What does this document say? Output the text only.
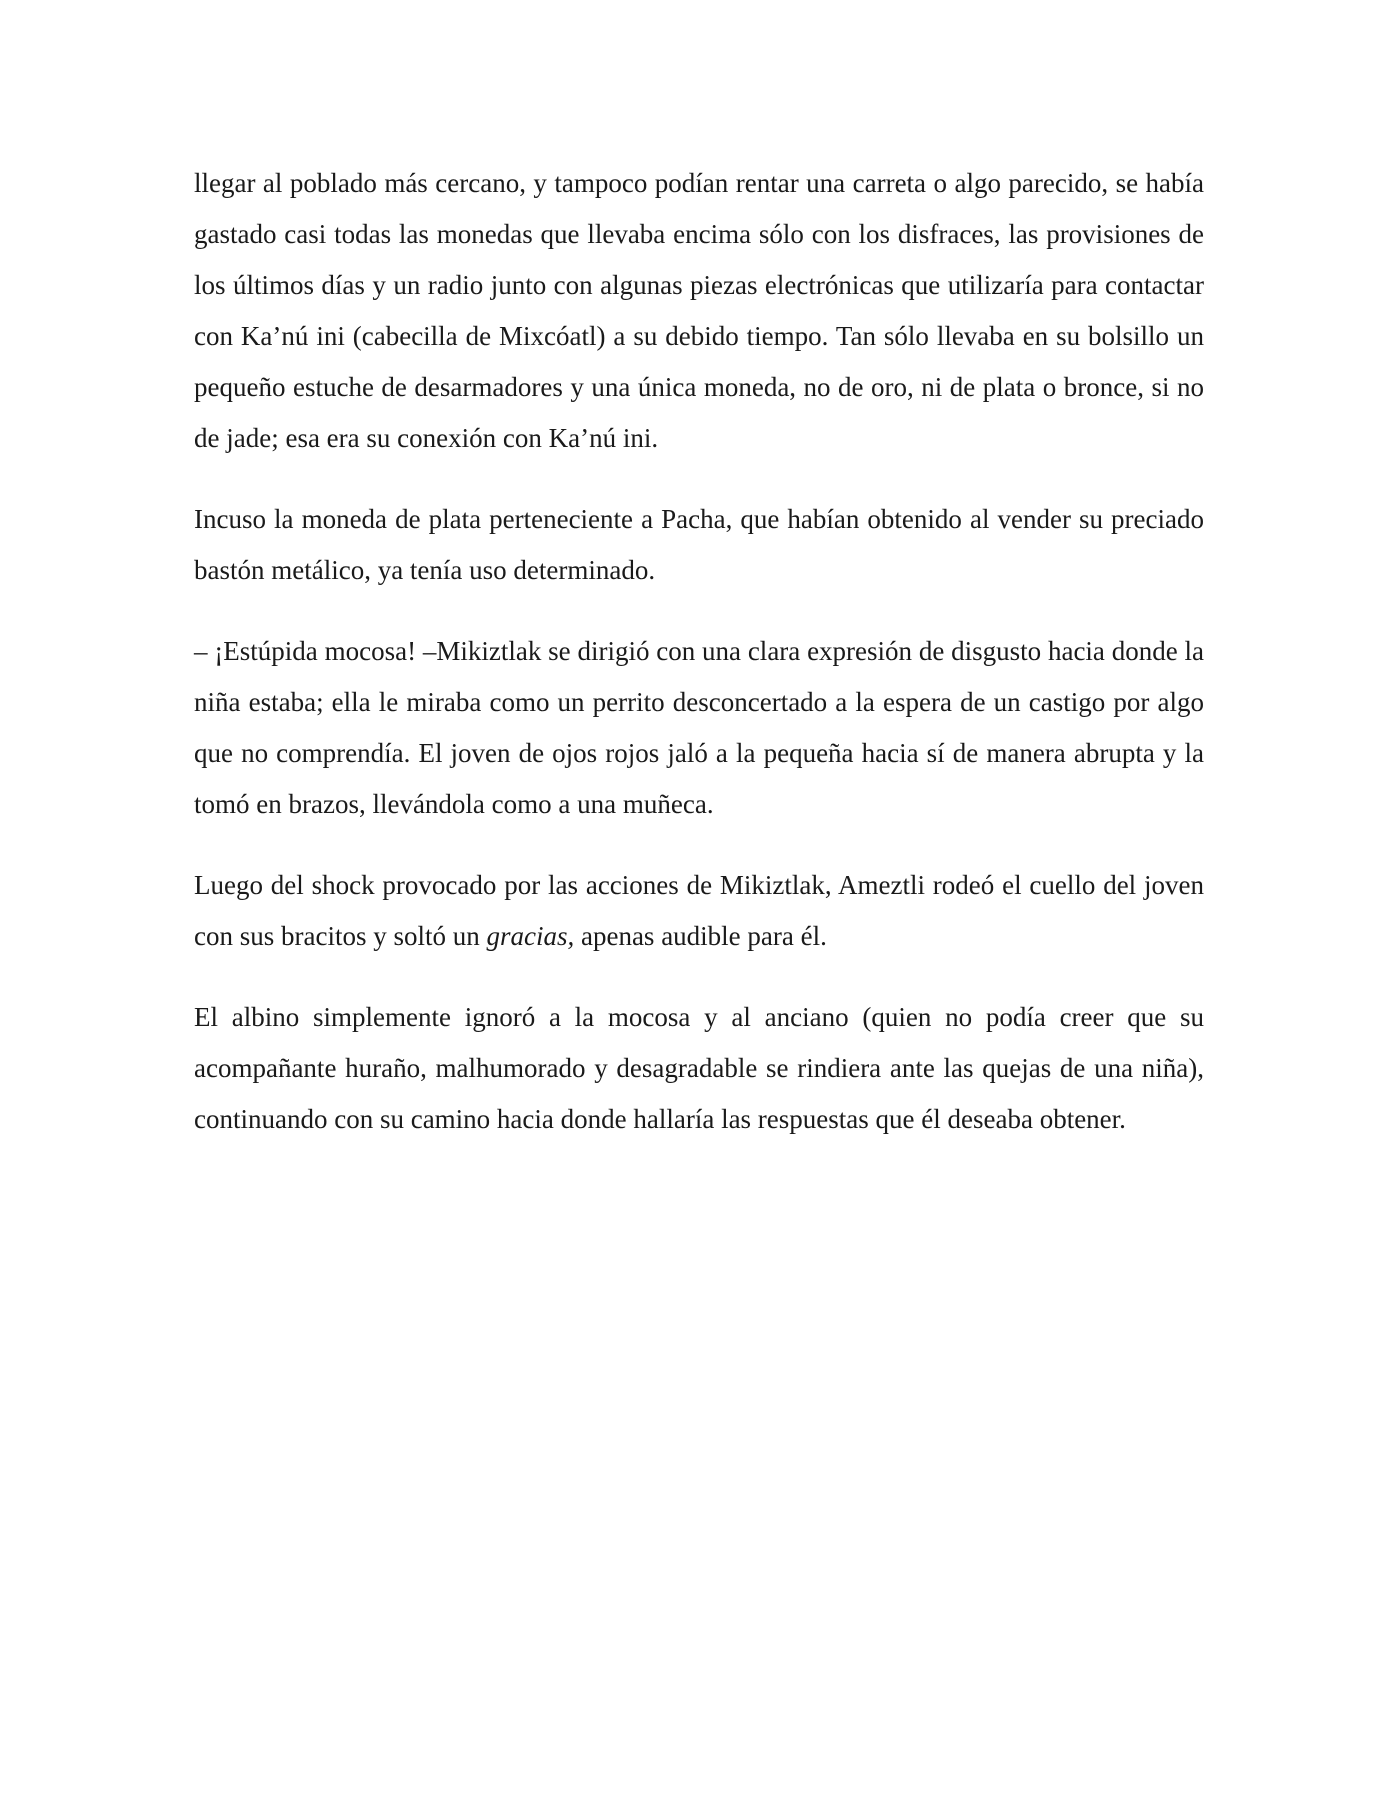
llegar al poblado más cercano, y tampoco podían rentar una carreta o algo parecido, se había gastado casi todas las monedas que llevaba encima sólo con los disfraces, las provisiones de los últimos días y un radio junto con algunas piezas electrónicas que utilizaría para contactar con Ka’nú ini (cabecilla de Mixcóatl) a su debido tiempo. Tan sólo llevaba en su bolsillo un pequeño estuche de desarmadores y una única moneda, no de oro, ni de plata o bronce, si no de jade; esa era su conexión con Ka’nú ini.

Incuso la moneda de plata perteneciente a Pacha, que habían obtenido al vender su preciado bastón metálico, ya tenía uso determinado.

– ¡Estúpida mocosa! –Mikiztlak se dirigió con una clara expresión de disgusto hacia donde la niña estaba; ella le miraba como un perrito desconcertado a la espera de un castigo por algo que no comprendía. El joven de ojos rojos jaló a la pequeña hacia sí de manera abrupta y la tomó en brazos, llevándola como a una muñeca.

Luego del shock provocado por las acciones de Mikiztlak, Ameztli rodeó el cuello del joven con sus bracitos y soltó un gracias, apenas audible para él.

El albino simplemente ignoró a la mocosa y al anciano (quien no podía creer que su acompañante huraño, malhumorado y desagradable se rindiera ante las quejas de una niña), continuando con su camino hacia donde hallaría las respuestas que él deseaba obtener.
